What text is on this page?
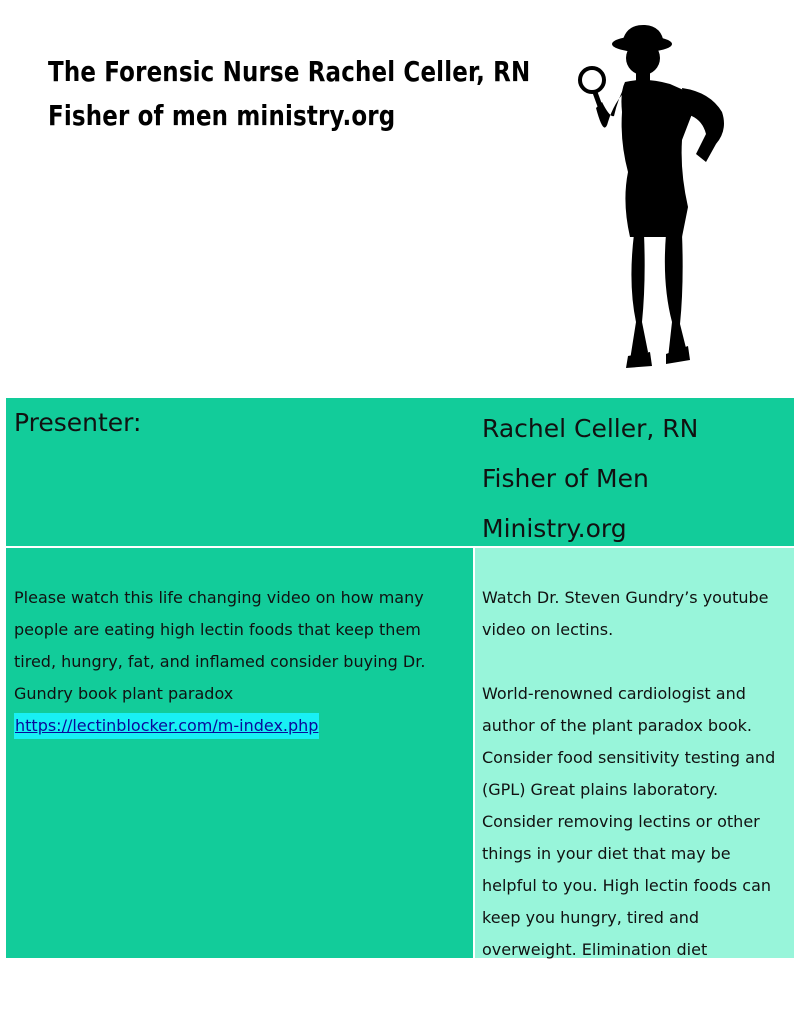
The Forensic Nurse Rachel Celler, RN
Fisher of men ministry.org
Presenter:	Rachel Celler, RN
Fisher of Men
Ministry.org

Please watch this life changing video on how many people are eating high lectin foods that keep them tired, hungry, fat, and inflamed consider buying Dr. Gundry book plant paradox

https://lectinblocker.com/m-index.php

Watch Dr. Steven Gundry’s youtube video on lectins.

World-renowned cardiologist and author of the plant paradox book. Consider food sensitivity testing and (GPL) Great plains laboratory. Consider removing lectins or other things in your diet that may be helpful to you. High lectin foods can keep you hungry, tired and overweight. Elimination diet
